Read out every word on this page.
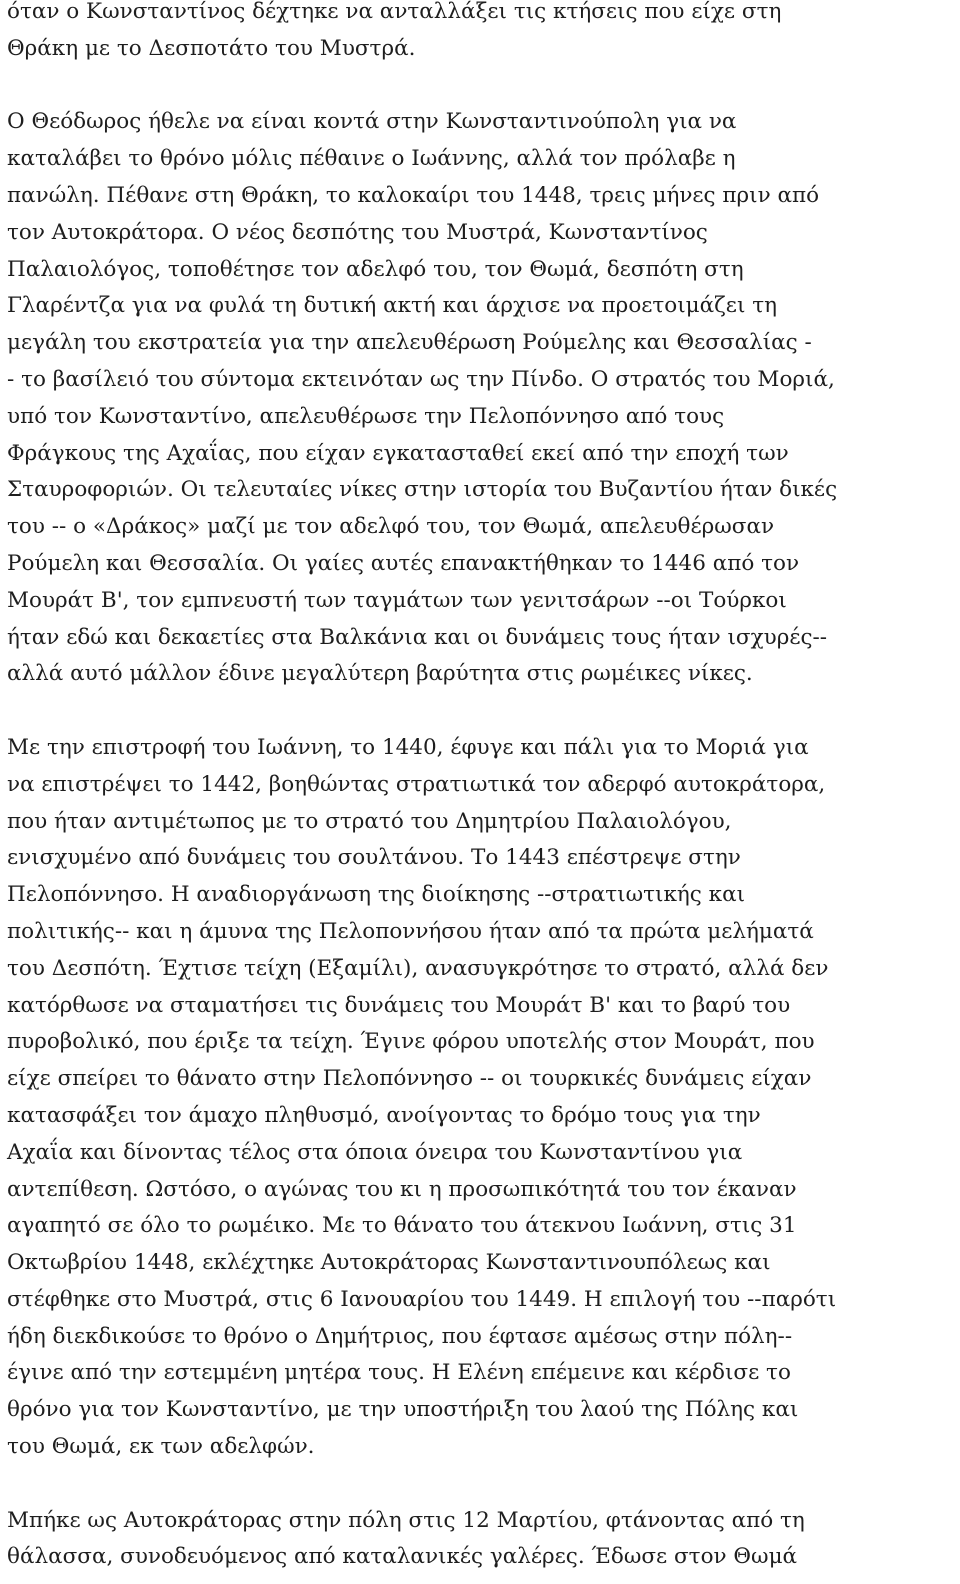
όταν ο Κωνσταντίνος δέχτηκε να ανταλλάξει τις κτήσεις που είχε στη
Θράκη με το Δεσποτάτο του Μυστρά.
Ο Θεόδωρος ήθελε να είναι κοντά στην Κωνσταντινούπολη για να
καταλάβει το θρόνο μόλις πέθαινε ο Ιωάννης, αλλά τον πρόλαβε η
πανώλη. Πέθανε στη Θράκη, το καλοκαίρι του 1448, τρεις μήνες πριν από
τον Αυτοκράτορα. Ο νέος δεσπότης του Μυστρά, Κωνσταντίνος
Παλαιολόγος, τοποθέτησε τον αδελφό του, τον Θωμά, δεσπότη στη
Γλαρέντζα για να φυλά τη δυτική ακτή και άρχισε να προετοιμάζει τη
μεγάλη του εκστρατεία για την απελευθέρωση Ρούμελης και Θεσσαλίας -
- το βασίλειό του σύντομα εκτεινόταν ως την Πίνδο. Ο στρατός του Μοριά,
υπό τον Κωνσταντίνο, απελευθέρωσε την Πελοπόννησο από τους
Φράγκους της Αχαΐας, που είχαν εγκατασταθεί εκεί από την εποχή των
Σταυροφοριών. Οι τελευταίες νίκες στην ιστορία του Βυζαντίου ήταν δικές
του -- ο «Δράκος» μαζί με τον αδελφό του, τον Θωμά, απελευθέρωσαν
Ρούμελη και Θεσσαλία. Οι γαίες αυτές επανακτήθηκαν το 1446 από τον
Μουράτ Β', τον εμπνευστή των ταγμάτων των γενιτσάρων --οι Τούρκοι
ήταν εδώ και δεκαετίες στα Βαλκάνια και οι δυνάμεις τους ήταν ισχυρές--
αλλά αυτό μάλλον έδινε μεγαλύτερη βαρύτητα στις ρωμέικες νίκες.
Με την επιστροφή του Ιωάννη, το 1440, έφυγε και πάλι για το Μοριά για
να επιστρέψει το 1442, βοηθώντας στρατιωτικά τον αδερφό αυτοκράτορα,
που ήταν αντιμέτωπος με το στρατό του Δημητρίου Παλαιολόγου,
ενισχυμένο από δυνάμεις του σουλτάνου. Το 1443 επέστρεψε στην
Πελοπόννησο. Η αναδιοργάνωση της διοίκησης --στρατιωτικής και
πολιτικής-- και η άμυνα της Πελοποννήσου ήταν από τα πρώτα μελήματά
του Δεσπότη. Έχτισε τείχη (Εξαμίλι), ανασυγκρότησε το στρατό, αλλά δεν
κατόρθωσε να σταματήσει τις δυνάμεις του Μουράτ Β' και το βαρύ του
πυροβολικό, που έριξε τα τείχη. Έγινε φόρου υποτελής στον Μουράτ, που
είχε σπείρει το θάνατο στην Πελοπόννησο -- οι τουρκικές δυνάμεις είχαν
κατασφάξει τον άμαχο πληθυσμό, ανοίγοντας το δρόμο τους για την
Αχαΐα και δίνοντας τέλος στα όποια όνειρα του Κωνσταντίνου για
αντεπίθεση. Ωστόσο, ο αγώνας του κι η προσωπικότητά του τον έκαναν
αγαπητό σε όλο το ρωμέικο. Με το θάνατο του άτεκνου Ιωάννη, στις 31
Οκτωβρίου 1448, εκλέχτηκε Αυτοκράτορας Κωνσταντινουπόλεως και
στέφθηκε στο Μυστρά, στις 6 Ιανουαρίου του 1449. Η επιλογή του --παρότι
ήδη διεκδικούσε το θρόνο ο Δημήτριος, που έφτασε αμέσως στην πόλη--
έγινε από την εστεμμένη μητέρα τους. Η Ελένη επέμεινε και κέρδισε το
θρόνο για τον Κωνσταντίνο, με την υποστήριξη του λαού της Πόλης και
του Θωμά, εκ των αδελφών.
Μπήκε ως Αυτοκράτορας στην πόλη στις 12 Μαρτίου, φτάνοντας από τη
θάλασσα, συνοδευόμενος από καταλανικές γαλέρες. Έδωσε στον Θωμά
